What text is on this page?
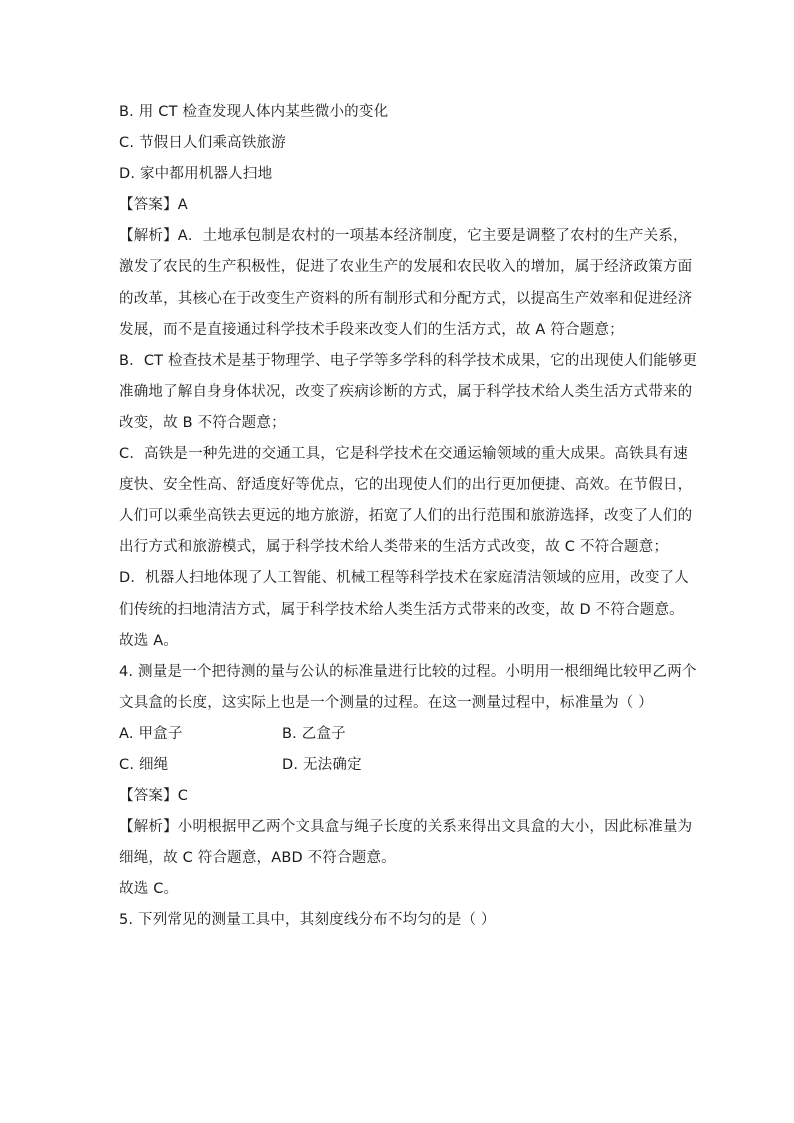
B. 用 CT 检查发现人体内某些微小的变化
C. 节假日人们乘高铁旅游
D. 家中都用机器人扫地
【答案】A
【解析】A．土地承包制是农村的一项基本经济制度，它主要是调整了农村的生产关系，
激发了农民的生产积极性，促进了农业生产的发展和农民收入的增加，属于经济政策方面
的改革，其核心在于改变生产资料的所有制形式和分配方式，以提高生产效率和促进经济
发展，而不是直接通过科学技术手段来改变人们的生活方式，故 A 符合题意；
B．CT 检查技术是基于物理学、电子学等多学科的科学技术成果，它的出现使人们能够更
准确地了解自身身体状况，改变了疾病诊断的方式，属于科学技术给人类生活方式带来的
改变，故 B 不符合题意；
C．高铁是一种先进的交通工具，它是科学技术在交通运输领域的重大成果。高铁具有速
度快、安全性高、舒适度好等优点，它的出现使人们的出行更加便捷、高效。在节假日，
人们可以乘坐高铁去更远的地方旅游，拓宽了人们的出行范围和旅游选择，改变了人们的
出行方式和旅游模式，属于科学技术给人类带来的生活方式改变，故 C 不符合题意；
D．机器人扫地体现了人工智能、机械工程等科学技术在家庭清洁领域的应用，改变了人
们传统的扫地清洁方式，属于科学技术给人类生活方式带来的改变，故 D 不符合题意。
故选 A。
4. 测量是一个把待测的量与公认的标准量进行比较的过程。小明用一根细绳比较甲乙两个
文具盒的长度，这实际上也是一个测量的过程。在这一测量过程中，标准量为（ ）
A. 甲盒子	B. 乙盒子
C. 细绳	D. 无法确定
【答案】C
【解析】小明根据甲乙两个文具盒与绳子长度的关系来得出文具盒的大小，因此标准量为
细绳，故 C 符合题意，ABD 不符合题意。
故选 C。
5. 下列常见的测量工具中，其刻度线分布不均匀的是（ ）
